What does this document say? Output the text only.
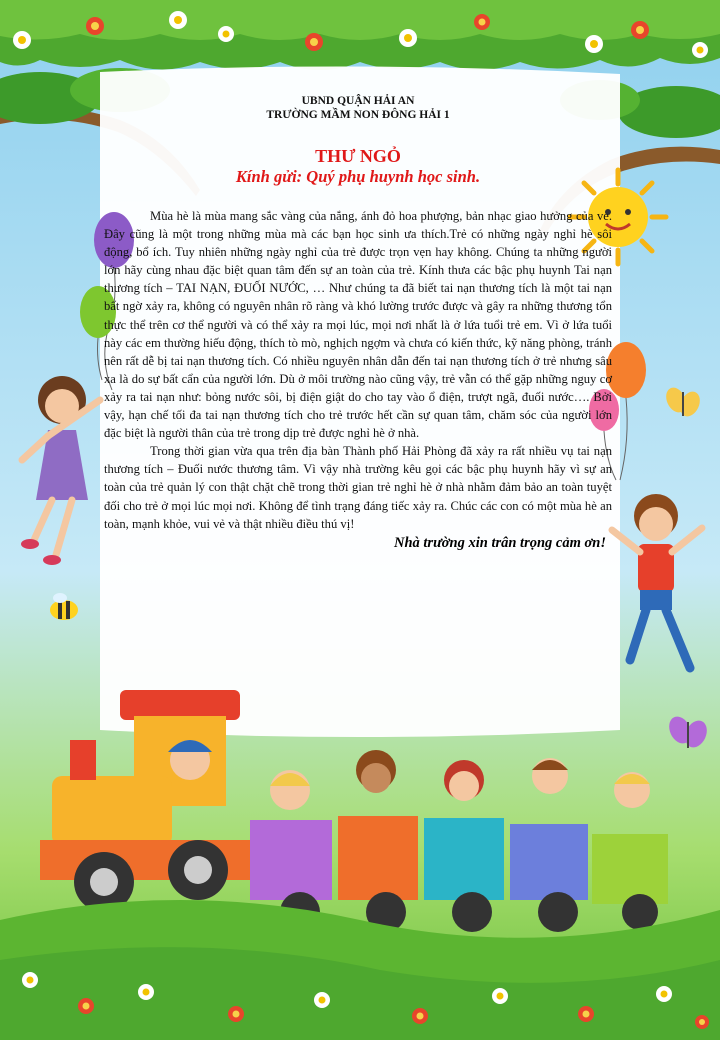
UBND QUẬN HẢI AN
TRƯỜNG MẦM NON ĐÔNG HẢI 1
THƯ NGỎ
Kính gửi: Quý phụ huynh học sinh.

Mùa hè là mùa mang sắc vàng của nắng, ánh đỏ hoa phượng, bản nhạc giao hưởng của ve. Đây cũng là một trong những mùa mà các bạn học sinh ưa thích.Trẻ có những ngày nghỉ hè sôi động, bổ ích. Tuy nhiên những ngày nghỉ của trẻ được trọn vẹn hay không. Chúng ta những người lớn hãy cùng nhau đặc biệt quan tâm đến sự an toàn của trẻ. Kính thưa các bậc phụ huynh Tai nạn thương tích – TAI NẠN, ĐUỐI NƯỚC, … Như chúng ta đã biết tai nạn thương tích là một tai nạn bất ngờ xảy ra, không có nguyên nhân rõ ràng và khó lường trước được và gây ra những thương tổn thực thể trên cơ thể người và có thể xảy ra mọi lúc, mọi nơi nhất là ở lứa tuổi trẻ em. Vì ở lứa tuổi này các em thường hiếu động, thích tò mò, nghịch ngợm và chưa có kiến thức, kỹ năng phòng, tránh nên rất dễ bị tai nạn thương tích. Có nhiều nguyên nhân dẫn đến tai nạn thương tích ở trẻ nhưng sâu xa là do sự bất cẩn của người lớn. Dù ở môi trường nào cũng vậy, trẻ vẫn có thể gặp những nguy cơ xảy ra tai nạn như: bỏng nước sôi, bị điện giật do cho tay vào ổ điện, trượt ngã, đuối nước…. Bởi vậy, hạn chế tối đa tai nạn thương tích cho trẻ trước hết cần sự quan tâm, chăm sóc của người lớn đặc biệt là người thân của trẻ trong dịp trẻ được nghỉ hè ở nhà.

Trong thời gian vừa qua trên địa bàn Thành phố Hải Phòng đã xảy ra rất nhiều vụ tai nạn thương tích – Đuối nước thương tâm. Vì vậy nhà trường kêu gọi các bậc phụ huynh hãy vì sự an toàn của trẻ quản lý con thật chặt chẽ trong thời gian trẻ nghỉ hè ở nhà nhằm đảm bảo an toàn tuyệt đối cho trẻ ở mọi lúc mọi nơi. Không để tình trạng đáng tiếc xảy ra. Chúc các con có một mùa hè an toàn, mạnh khỏe, vui vẻ và thật nhiều điều thú vị!

Nhà trường xin trân trọng cảm ơn!
